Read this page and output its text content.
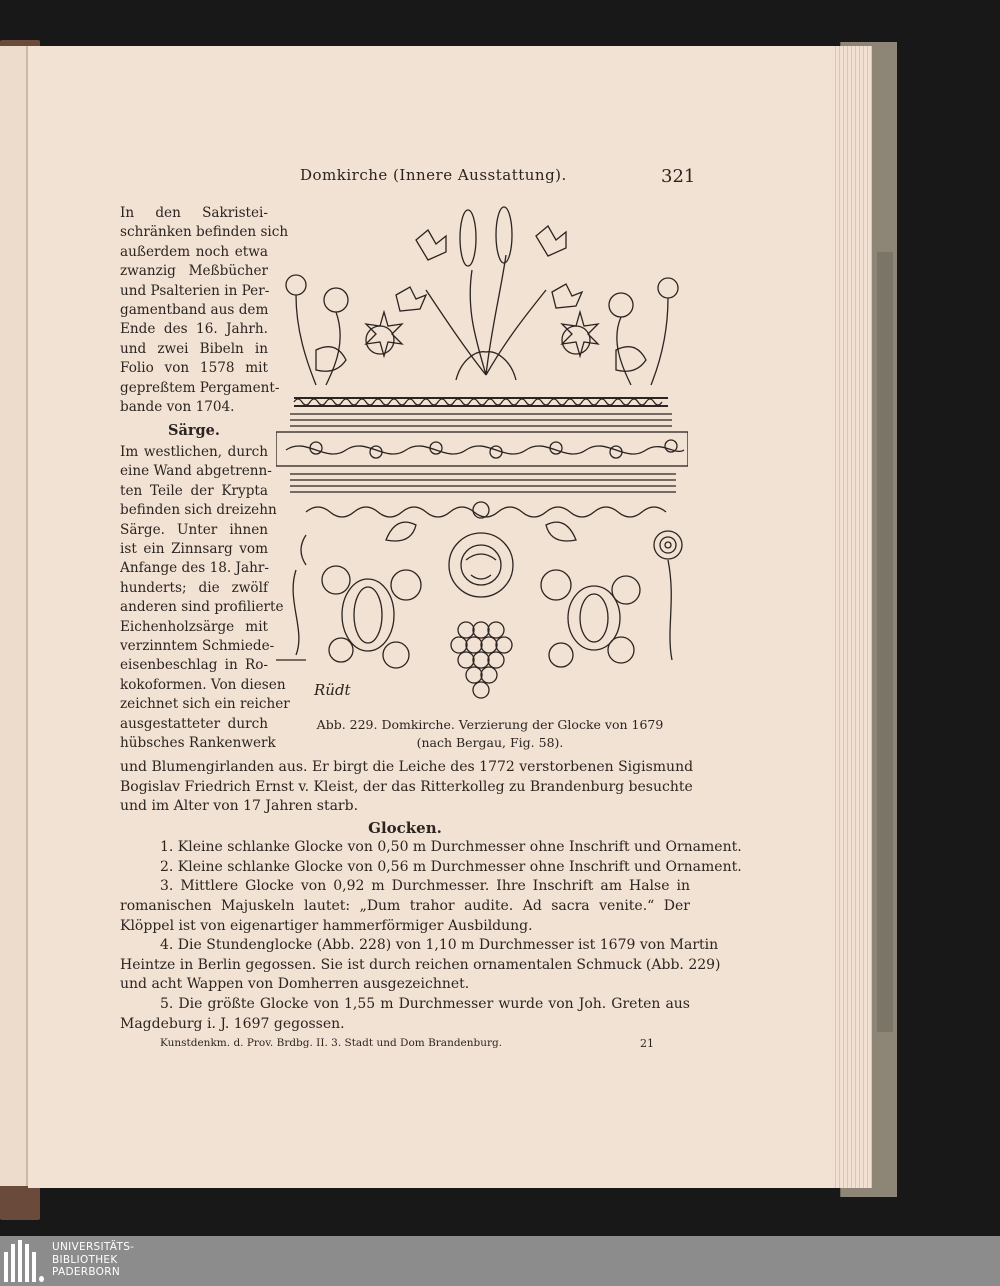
Domkirche (Innere Ausstattung).	321
In den Sakristei-
schränken befinden sich
außerdem noch etwa
zwanzig Meßbücher
und Psalterien in Per-
gamentband aus dem
Ende des 16. Jahrh.
und zwei Bibeln in
Folio von 1578 mit
gepreßtem Pergament-
bande von 1704.
Särge.
Im westlichen, durch
eine Wand abgetrenn-
ten Teile der Krypta
befinden sich dreizehn
Särge. Unter ihnen
ist ein Zinnsarg vom
Anfange des 18. Jahr-
hunderts; die zwölf
anderen sind profilierte
Eichenholzsärge mit
verzinntem Schmiede-
eisenbeschlag in Ro-
kokoformen. Von diesen
zeichnet sich ein reicher
ausgestatteter durch
hübsches Rankenwerk
Rüdt
Abb. 229. Domkirche. Verzierung der Glocke von 1679
(nach Bergau, Fig. 58).
und Blumengirlanden aus. Er birgt die Leiche des 1772 verstorbenen Sigismund
Bogislav Friedrich Ernst v. Kleist, der das Ritterkolleg zu Brandenburg besuchte
und im Alter von 17 Jahren starb.
Glocken.
1. Kleine schlanke Glocke von 0,50 m Durchmesser ohne Inschrift und Ornament.
2. Kleine schlanke Glocke von 0,56 m Durchmesser ohne Inschrift und Ornament.
3. Mittlere Glocke von 0,92 m Durchmesser. Ihre Inschrift am Halse in
romanischen Majuskeln lautet: „Dum trahor audite. Ad sacra venite.“ Der
Klöppel ist von eigenartiger hammerförmiger Ausbildung.
4. Die Stundenglocke (Abb. 228) von 1,10 m Durchmesser ist 1679 von Martin
Heintze in Berlin gegossen. Sie ist durch reichen ornamentalen Schmuck (Abb. 229)
und acht Wappen von Domherren ausgezeichnet.
5. Die größte Glocke von 1,55 m Durchmesser wurde von Joh. Greten aus
Magdeburg i. J. 1697 gegossen.
Kunstdenkm. d. Prov. Brdbg. II. 3. Stadt und Dom Brandenburg.	21
UNIVERSITÄTS-
BIBLIOTHEK
PADERBORN
